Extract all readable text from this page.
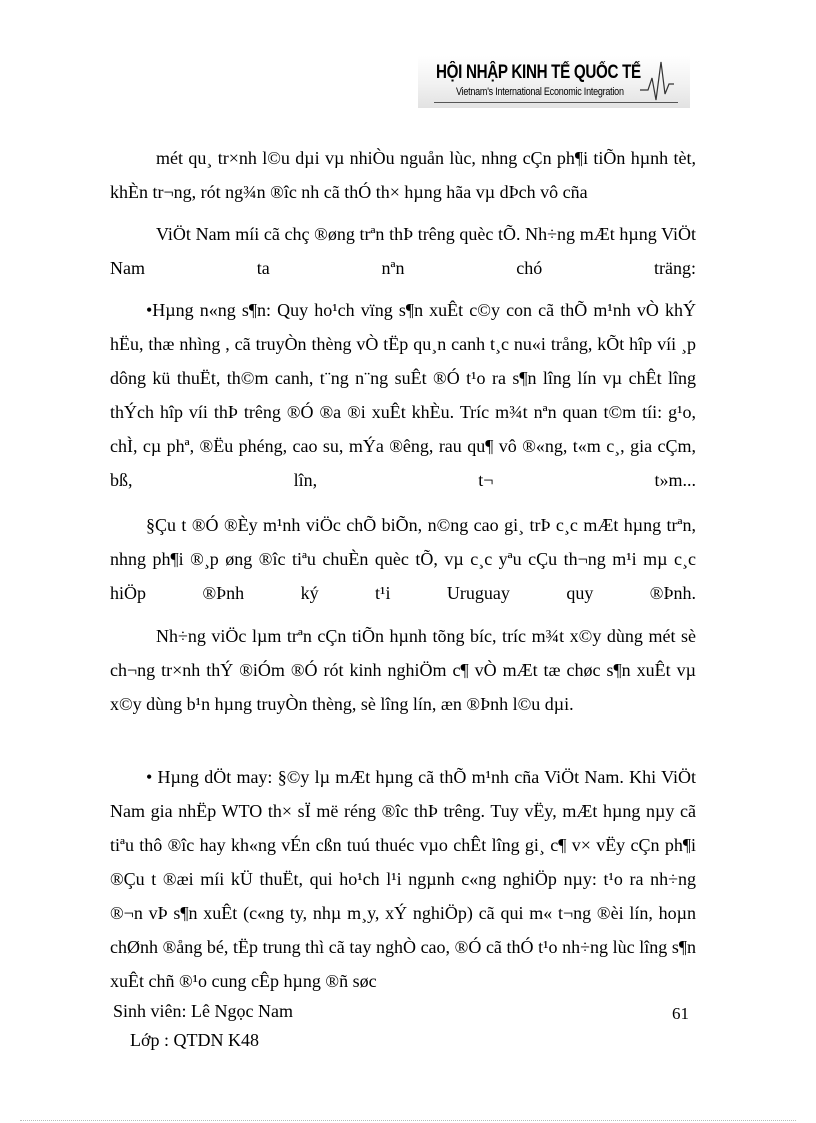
HỘI NHẬP KINH TẾ QUỐC TẾ
Vietnam's International Economic Integration

mét qu¸ tr×nh l©u dµi vµ nhiÒu nguån lùc, nhng cÇn ph¶i tiÕn hµnh tèt, khÈn tr¬ng, rót ng¾n ®îc nh cã thÓ th× hµng hãa vµ dÞch vô cña

ViÖt Nam míi cã chç ®øng trªn thÞ trêng quèc tÕ. Nh÷ng mÆt hµng ViÖt Nam ta nªn chó träng:

•Hµng n«ng s¶n: Quy ho¹ch vïng s¶n xuÊt c©y con cã thÕ m¹nh vÒ khÝ hËu, thæ nhìng , cã truyÒn thèng vÒ tËp qu¸n canh t¸c nu«i trång, kÕt hîp víi ¸p dông kü thuËt, th©m canh, t¨ng n¨ng suÊt ®Ó t¹o ra s¶n lîng lín vµ chÊt lîng thÝch hîp víi thÞ trêng ®Ó ®a ®i xuÊt khÈu. Tríc m¾t nªn quan t©m tíi: g¹o, chÌ, cµ phª, ®Ëu phéng, cao su, mÝa ®êng, rau qu¶ vô ®«ng, t«m c¸, gia cÇm, bß, lîn, t¬ t»m...

§Çu t ®Ó ®Èy m¹nh viÖc chÕ biÕn, n©ng cao gi¸ trÞ c¸c mÆt hµng trªn, nhng ph¶i ®¸p øng ®îc tiªu chuÈn quèc tÕ, vµ c¸c yªu cÇu th¬ng m¹i mµ c¸c hiÖp ®Þnh ký t¹i Uruguay quy ®Þnh.

Nh÷ng viÖc lµm trªn cÇn tiÕn hµnh tõng bíc, tríc m¾t x©y dùng mét sè ch¬ng tr×nh thÝ ®iÓm ®Ó rót kinh nghiÖm c¶ vÒ mÆt tæ chøc s¶n xuÊt vµ x©y dùng b¹n hµng truyÒn thèng, sè lîng lín, æn ®Þnh l©u dµi.

• Hµng dÖt may: §©y lµ mÆt hµng cã thÕ m¹nh cña ViÖt Nam. Khi ViÖt Nam gia nhËp WTO th× sÏ më réng ®îc thÞ trêng. Tuy vËy, mÆt hµng nµy cã tiªu thô ®îc hay kh«ng vÉn cßn tuú thuéc vµo chÊt lîng gi¸ c¶ v× vËy cÇn ph¶i ®Çu t ®æi míi kÜ thuËt, qui ho¹ch l¹i ngµnh c«ng nghiÖp nµy: t¹o ra nh÷ng ®¬n vÞ s¶n xuÊt (c«ng ty, nhµ m¸y, xÝ nghiÖp) cã qui m« t¬ng ®èi lín, hoµn chØnh ®ång bé, tËp trung thì cã tay nghÒ cao, ®Ó cã thÓ t¹o nh÷ng lùc lîng s¶n xuÊt chñ ®¹o cung cÊp hµng ®ñ søc

Sinh viên: Lê Ngọc Nam
Lớp : QTDN K48
61
